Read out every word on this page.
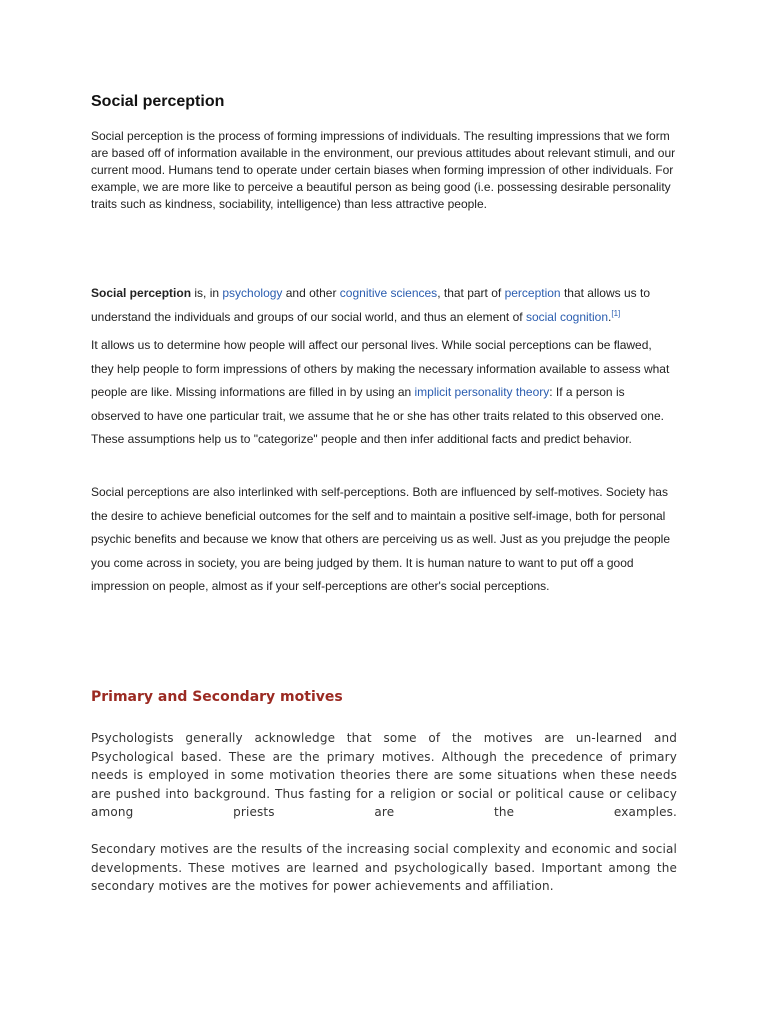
Social perception

Social perception is the process of forming impressions of individuals. The resulting impressions that we form are based off of information available in the environment, our previous attitudes about relevant stimuli, and our current mood. Humans tend to operate under certain biases when forming impression of other individuals. For example, we are more like to perceive a beautiful person as being good (i.e. possessing desirable personality traits such as kindness, sociability, intelligence) than less attractive people.

Social perception is, in psychology and other cognitive sciences, that part of perception that allows us to understand the individuals and groups of our social world, and thus an element of social cognition.[1]

It allows us to determine how people will affect our personal lives. While social perceptions can be flawed, they help people to form impressions of others by making the necessary information available to assess what people are like. Missing informations are filled in by using an implicit personality theory: If a person is observed to have one particular trait, we assume that he or she has other traits related to this observed one. These assumptions help us to "categorize" people and then infer additional facts and predict behavior.

Social perceptions are also interlinked with self-perceptions. Both are influenced by self-motives. Society has the desire to achieve beneficial outcomes for the self and to maintain a positive self-image, both for personal psychic benefits and because we know that others are perceiving us as well. Just as you prejudge the people you come across in society, you are being judged by them. It is human nature to want to put off a good impression on people, almost as if your self-perceptions are other's social perceptions.

Primary and Secondary motives

Psychologists generally acknowledge that some of the motives are un-learned and Psychological based. These are the primary motives. Although the precedence of primary needs is employed in some motivation theories there are some situations when these needs are pushed into background. Thus fasting for a religion or social or political cause or celibacy among priests are the examples.

Secondary motives are the results of the increasing social complexity and economic and social developments. These motives are learned and psychologically based. Important among the secondary motives are the motives for power achievements and affiliation.
